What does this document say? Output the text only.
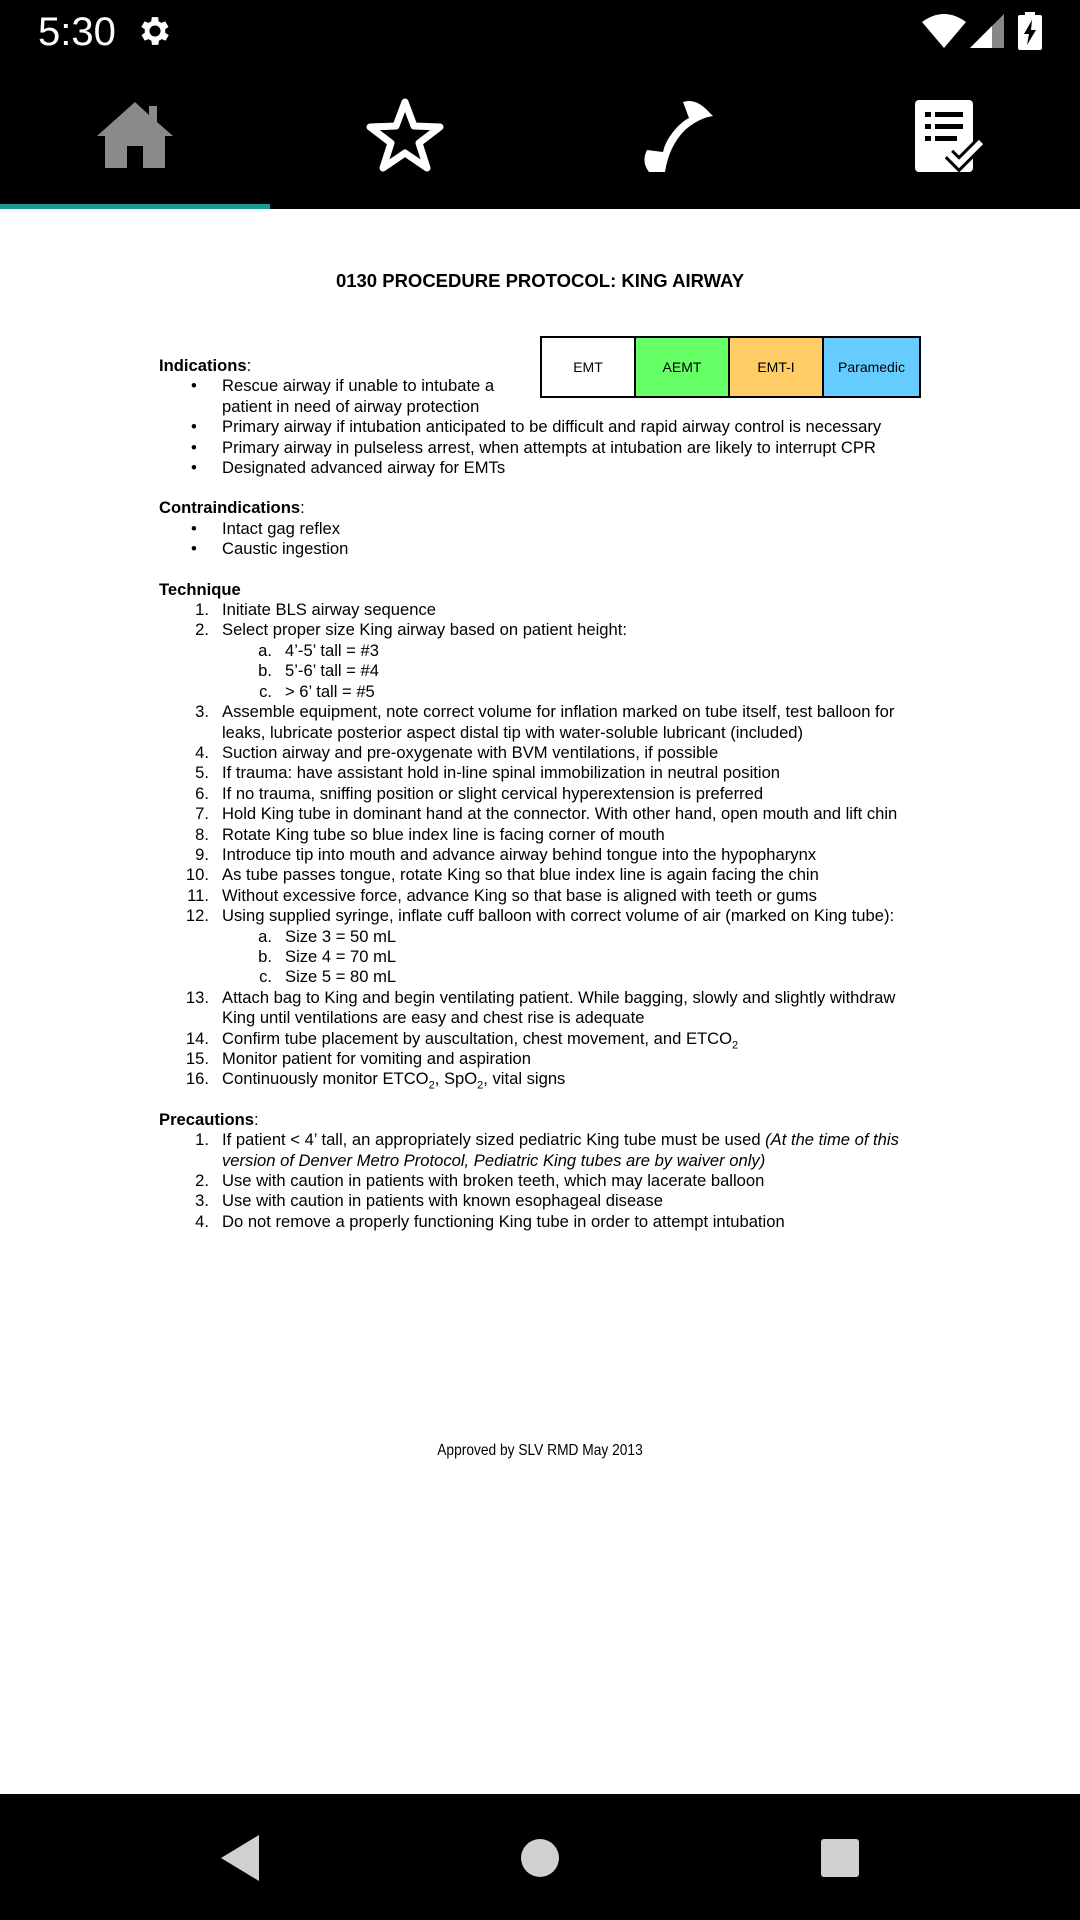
5:30
0130 PROCEDURE PROTOCOL: KING AIRWAY
EMT	AEMT	EMT-I	Paramedic
Indications:
• Rescue airway if unable to intubate a patient in need of airway protection
• Primary airway if intubation anticipated to be difficult and rapid airway control is necessary
• Primary airway in pulseless arrest, when attempts at intubation are likely to interrupt CPR
• Designated advanced airway for EMTs
Contraindications:
• Intact gag reflex
• Caustic ingestion
Technique
1. Initiate BLS airway sequence
2. Select proper size King airway based on patient height:
a. 4’-5’ tall = #3
b. 5’-6’ tall = #4
c. > 6’ tall = #5
3. Assemble equipment, note correct volume for inflation marked on tube itself, test balloon for leaks, lubricate posterior aspect distal tip with water-soluble lubricant (included)
4. Suction airway and pre-oxygenate with BVM ventilations, if possible
5. If trauma: have assistant hold in-line spinal immobilization in neutral position
6. If no trauma, sniffing position or slight cervical hyperextension is preferred
7. Hold King tube in dominant hand at the connector. With other hand, open mouth and lift chin
8. Rotate King tube so blue index line is facing corner of mouth
9. Introduce tip into mouth and advance airway behind tongue into the hypopharynx
10. As tube passes tongue, rotate King so that blue index line is again facing the chin
11. Without excessive force, advance King so that base is aligned with teeth or gums
12. Using supplied syringe, inflate cuff balloon with correct volume of air (marked on King tube):
a. Size 3 = 50 mL
b. Size 4 = 70 mL
c. Size 5 = 80 mL
13. Attach bag to King and begin ventilating patient. While bagging, slowly and slightly withdraw King until ventilations are easy and chest rise is adequate
14. Confirm tube placement by auscultation, chest movement, and $ETCO_2$
15. Monitor patient for vomiting and aspiration
16. Continuously monitor $ETCO_2$, SpO$_2$, vital signs
Precautions:
1. If patient < 4’ tall, an appropriately sized pediatric King tube must be used (At the time of this version of Denver Metro Protocol, Pediatric King tubes are by waiver only)
2. Use with caution in patients with broken teeth, which may lacerate balloon
3. Use with caution in patients with known esophageal disease
4. Do not remove a properly functioning King tube in order to attempt intubation
Approved by SLV RMD May 2013
